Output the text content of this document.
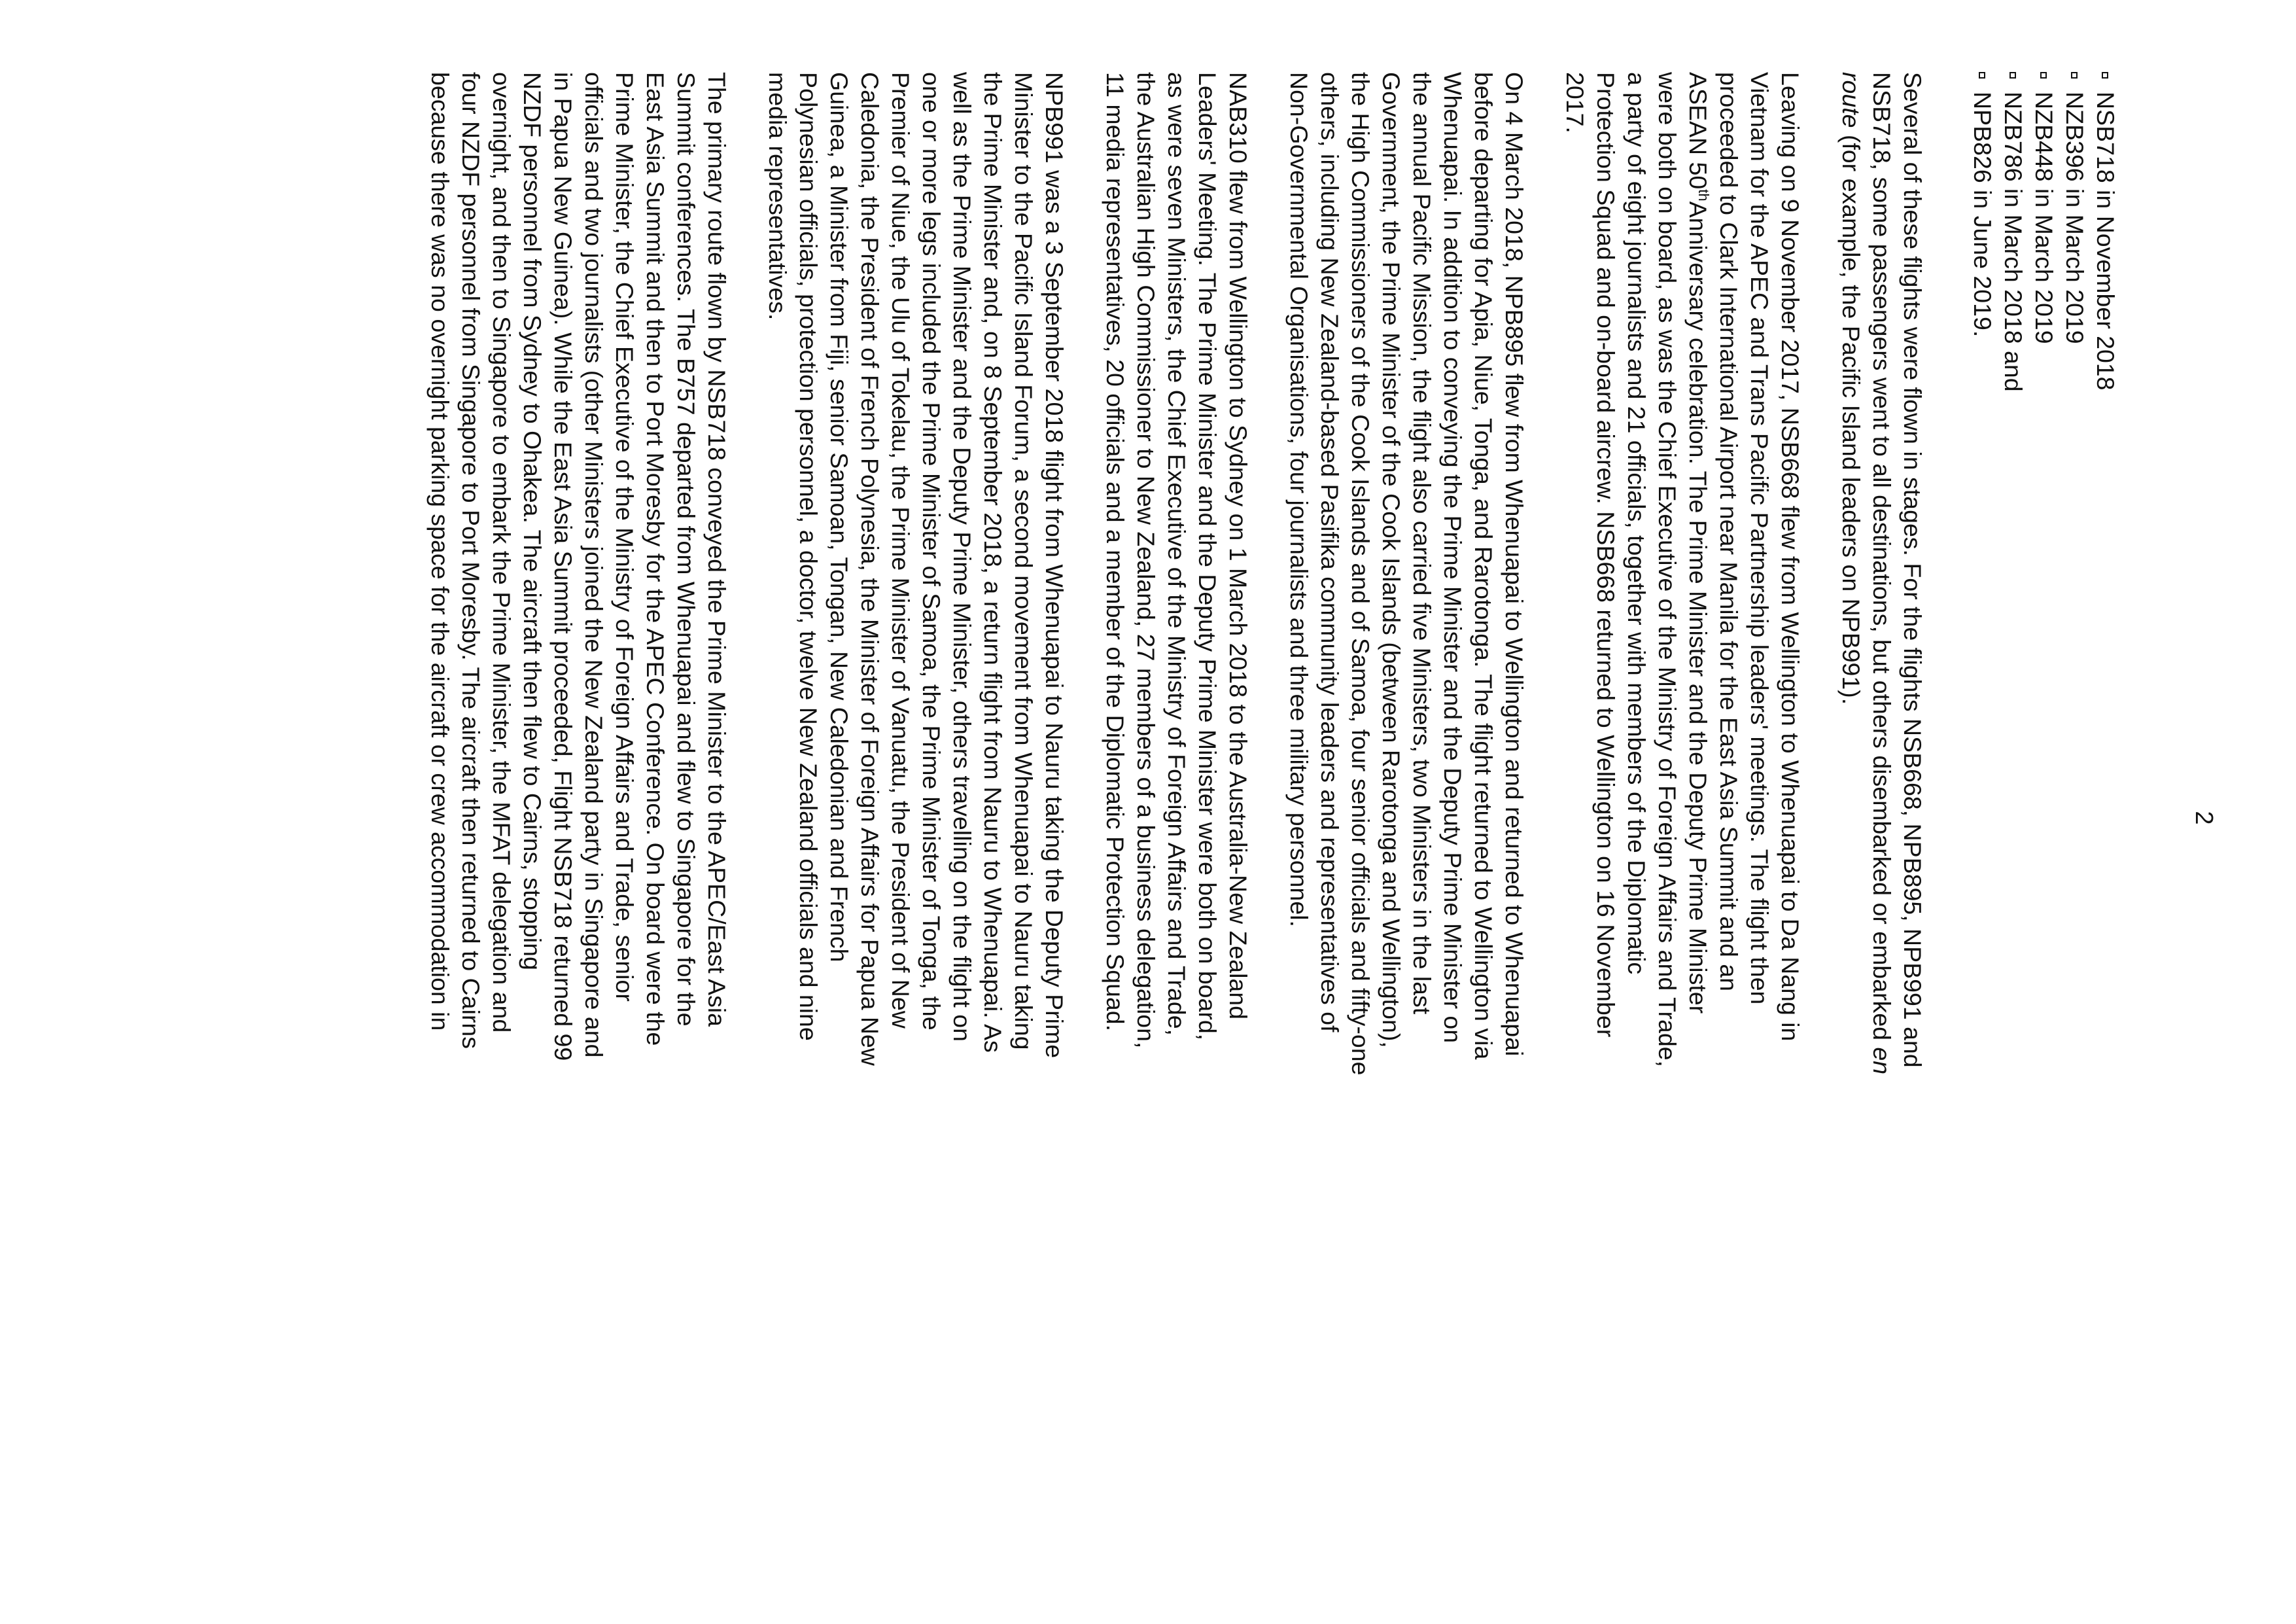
2
NSB718 in November 2018
NZB396 in March 2019
NZB448 in March 2019
NZB786 in March 2018 and
NPB826 in June 2019.
Several of these flights were flown in stages. For the flights NSB668, NPB895, NPB991 and
NSB718, some passengers went to all destinations, but others disembarked or embarked en
route (for example, the Pacific Island leaders on NPB991).
Leaving on 9 November 2017, NSB668 flew from Wellington to Whenuapai to Da Nang in
Vietnam for the APEC and Trans Pacific Partnership leaders' meetings. The flight then
proceeded to Clark International Airport near Manila for the East Asia Summit and an
ASEAN 50thAnniversary celebration. The Prime Minister and the Deputy Prime Minister
were both on board, as was the Chief Executive of the Ministry of Foreign Affairs and Trade,
a party of eight journalists and 21 officials, together with members of the Diplomatic
Protection Squad and on-board aircrew. NSB668 returned to Wellington on 16 November
2017.
On 4 March 2018, NPB895 flew from Whenuapai to Wellington and returned to Whenuapai
before departing for Apia, Niue, Tonga, and Rarotonga. The flight returned to Wellington via
Whenuapai. In addition to conveying the Prime Minister and the Deputy Prime Minister on
the annual Pacific Mission, the flight also carried five Ministers, two Ministers in the last
Government, the Prime Minister of the Cook Islands (between Rarotonga and Wellington),
the High Commissioners of the Cook Islands and of Samoa, four senior officials and fifty-one
others, including New Zealand-based Pasifika community leaders and representatives of
Non-Governmental Organisations, four journalists and three military personnel.
NAB310 flew from Wellington to Sydney on 1 March 2018 to the Australia-New Zealand
Leaders' Meeting. The Prime Minister and the Deputy Prime Minister were both on board,
as were seven Ministers, the Chief Executive of the Ministry of Foreign Affairs and Trade,
the Australian High Commissioner to New Zealand, 27 members of a business delegation,
11 media representatives, 20 officials and a member of the Diplomatic Protection Squad.
NPB991 was a 3 September 2018 flight from Whenuapai to Nauru taking the Deputy Prime
Minister to the Pacific Island Forum, a second movement from Whenuapai to Nauru taking
the Prime Minister and, on 8 September 2018, a return flight from Nauru to Whenuapai. As
well as the Prime Minister and the Deputy Prime Minister, others travelling on the flight on
one or more legs included the Prime Minister of Samoa, the Prime Minister of Tonga, the
Premier of Niue, the Ulu of Tokelau, the Prime Minister of Vanuatu, the President of New
Caledonia, the President of French Polynesia, the Minister of Foreign Affairs for Papua New
Guinea, a Minister from Fiji, senior Samoan, Tongan, New Caledonian and French
Polynesian officials, protection personnel, a doctor, twelve New Zealand officials and nine
media representatives.
The primary route flown by NSB718 conveyed the Prime Minister to the APEC/East Asia
Summit conferences. The B757 departed from Whenuapai and flew to Singapore for the
East Asia Summit and then to Port Moresby for the APEC Conference. On board were the
Prime Minister, the Chief Executive of the Ministry of Foreign Affairs and Trade, senior
officials and two journalists (other Ministers joined the New Zealand party in Singapore and
in Papua New Guinea). While the East Asia Summit proceeded, Flight NSB718 returned 99
NZDF personnel from Sydney to Ohakea. The aircraft then flew to Cairns, stopping
overnight, and then to Singapore to embark the Prime Minister, the MFAT delegation and
four NZDF personnel from Singapore to Port Moresby. The aircraft then returned to Cairns
because there was no overnight parking space for the aircraft or crew accommodation in
